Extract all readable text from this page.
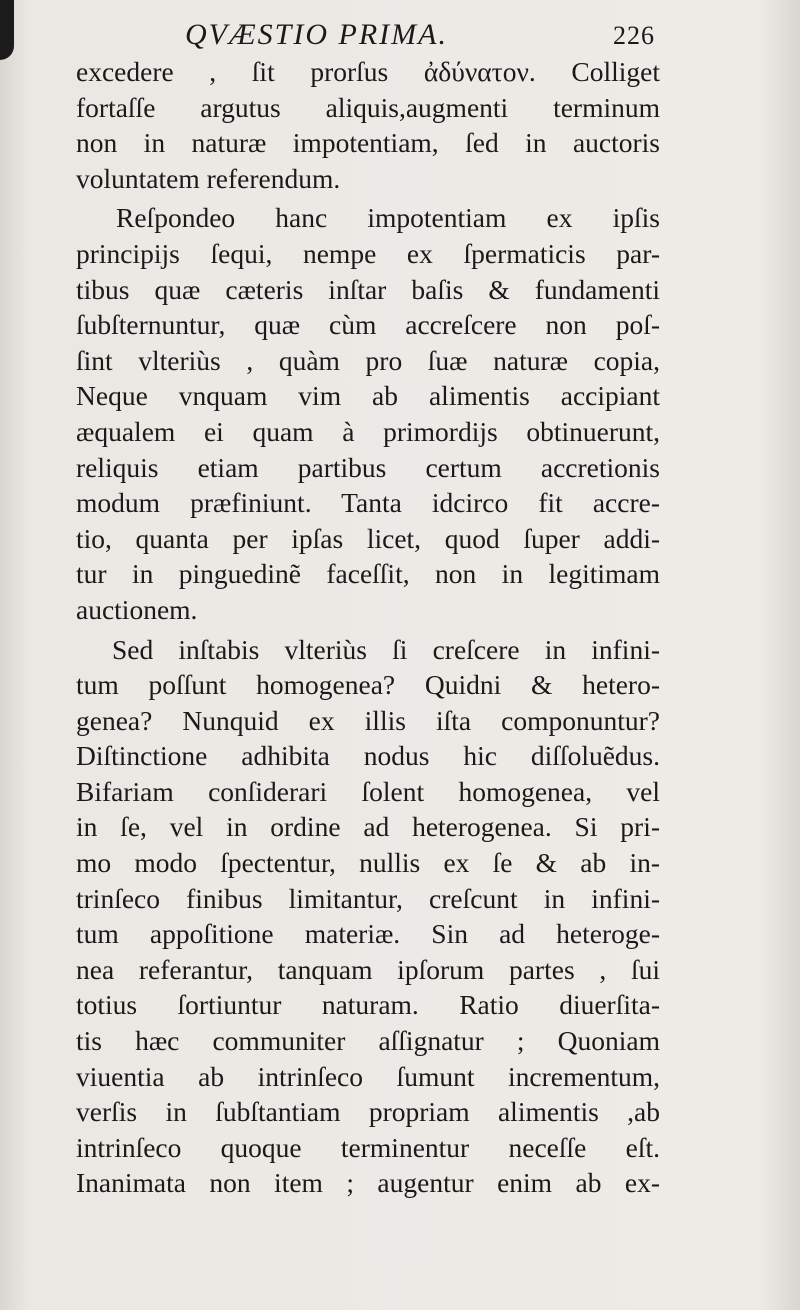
QVÆSTIO PRIMA.	226
excedere , ſit prorſus ἀδύνατον. Colliget
fortaſſe argutus aliquis,augmenti terminum
non in naturæ impotentiam, ſed in auctoris
voluntatem referendum.
Reſpondeo hanc impotentiam ex ipſis
principijs ſequi, nempe ex ſpermaticis par-
tibus quæ cæteris inſtar baſis & fundamenti
ſubſternuntur, quæ cùm accreſcere non poſ-
ſint vlteriùs , quàm pro ſuæ naturæ copia,
Neque vnquam vim ab alimentis accipiant
æqualem ei quam à primordijs obtinuerunt,
reliquis etiam partibus certum accretionis
modum præfiniunt. Tanta idcirco fit accre-
tio, quanta per ipſas licet, quod ſuper addi-
tur in pinguedinẽ faceſſit, non in legitimam
auctionem.
Sed inſtabis vlteriùs ſi creſcere in infini-
tum poſſunt homogenea? Quidni & hetero-
genea? Nunquid ex illis iſta componuntur?
Diſtinctione adhibita nodus hic diſſoluẽdus.
Bifariam conſiderari ſolent homogenea, vel
in ſe, vel in ordine ad heterogenea. Si pri-
mo modo ſpectentur, nullis ex ſe & ab in-
trinſeco finibus limitantur, creſcunt in infini-
tum appoſitione materiæ. Sin ad heteroge-
nea referantur, tanquam ipſorum partes , ſui
totius ſortiuntur naturam. Ratio diuerſita-
tis hæc communiter aſſignatur ; Quoniam
viuentia ab intrinſeco ſumunt incrementum,
verſis in ſubſtantiam propriam alimentis ,ab
intrinſeco quoque terminentur neceſſe eſt.
Inanimata non item ; augentur enim ab ex-
